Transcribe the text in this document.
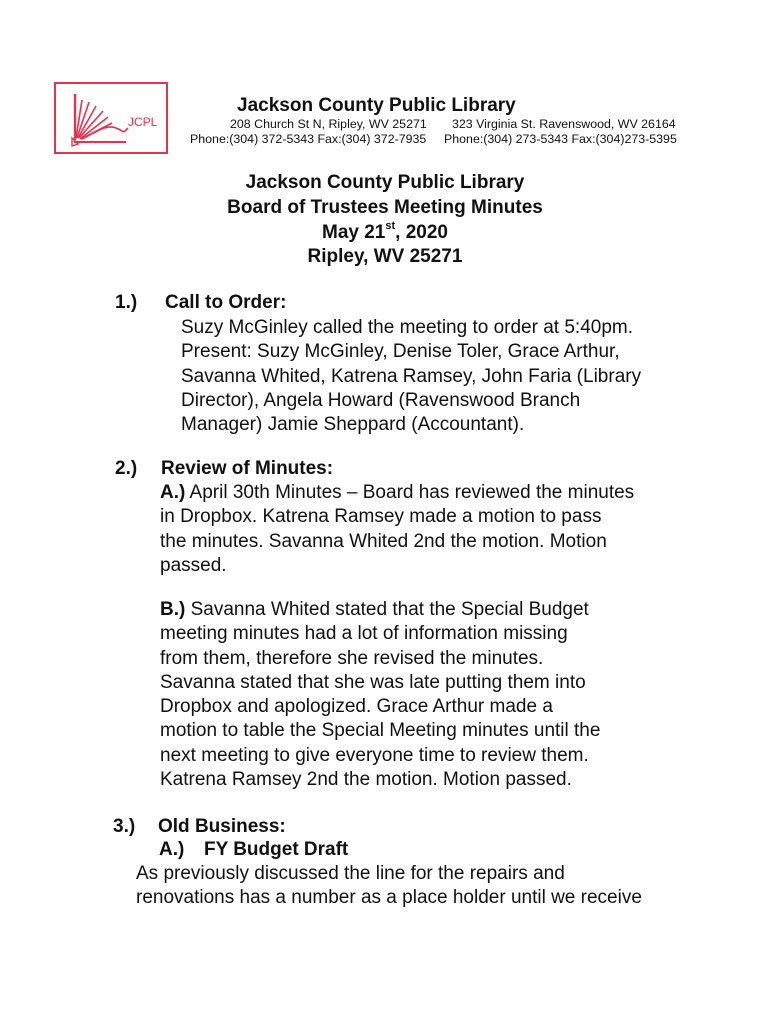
JCPL
Jackson County Public Library
208 Church St N, Ripley, WV 25271
Phone:(304) 372-5343 Fax:(304) 372-7935
323 Virginia St. Ravenswood, WV 26164
Phone:(304) 273-5343 Fax:(304)273-5395
Jackson County Public Library
Board of Trustees Meeting Minutes
May 21st, 2020
Ripley, WV 25271
1.) Call to Order:
Suzy McGinley called the meeting to order at 5:40pm.
Present: Suzy McGinley, Denise Toler, Grace Arthur,
Savanna Whited, Katrena Ramsey, John Faria (Library
Director), Angela Howard (Ravenswood Branch
Manager) Jamie Sheppard (Accountant).
2.) Review of Minutes:
A.) April 30th Minutes – Board has reviewed the minutes
in Dropbox. Katrena Ramsey made a motion to pass
the minutes. Savanna Whited 2nd the motion. Motion
passed.
B.) Savanna Whited stated that the Special Budget
meeting minutes had a lot of information missing
from them, therefore she revised the minutes.
Savanna stated that she was late putting them into
Dropbox and apologized. Grace Arthur made a
motion to table the Special Meeting minutes until the
next meeting to give everyone time to review them.
Katrena Ramsey 2nd the motion. Motion passed.
3.) Old Business:
A.) FY Budget Draft
As previously discussed the line for the repairs and
renovations has a number as a place holder until we receive
